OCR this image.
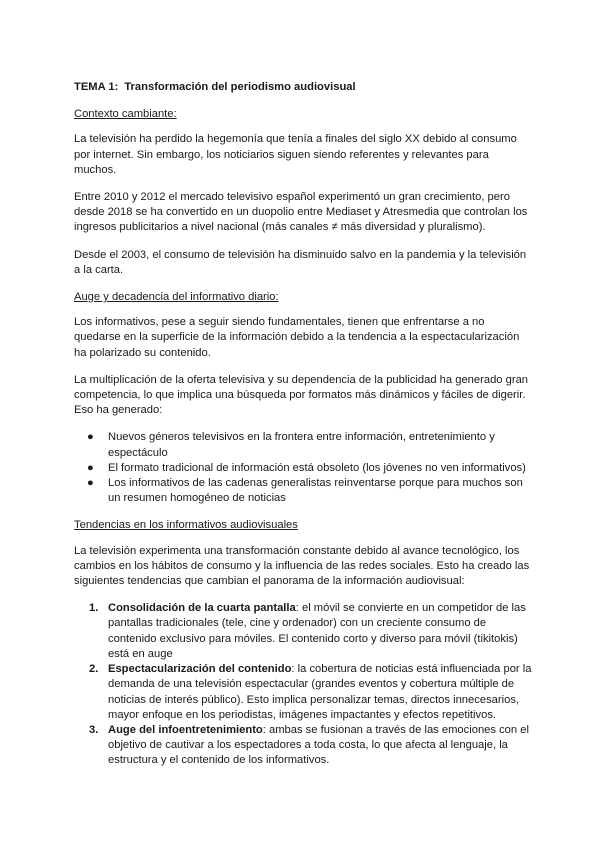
TEMA 1: Transformación del periodismo audiovisual
Contexto cambiante:

La televisión ha perdido la hegemonía que tenía a finales del siglo XX debido al consumo por internet. Sin embargo, los noticiarios siguen siendo referentes y relevantes para muchos.

Entre 2010 y 2012 el mercado televisivo español experimentó un gran crecimiento, pero desde 2018 se ha convertido en un duopolio entre Mediaset y Atresmedia que controlan los ingresos publicitarios a nivel nacional (más canales ≠ más diversidad y pluralismo).

Desde el 2003, el consumo de televisión ha disminuido salvo en la pandemia y la televisión a la carta.

Auge y decadencia del informativo diario:

Los informativos, pese a seguir siendo fundamentales, tienen que enfrentarse a no quedarse en la superficie de la información debido a la tendencia a la espectacularización ha polarizado su contenido.

La multiplicación de la oferta televisiva y su dependencia de la publicidad ha generado gran competencia, lo que implica una búsqueda por formatos más dinámicos y fáciles de digerir. Eso ha generado:

● Nuevos géneros televisivos en la frontera entre información, entretenimiento y espectáculo
● El formato tradicional de información está obsoleto (los jóvenes no ven informativos)
● Los informativos de las cadenas generalistas reinventarse porque para muchos son un resumen homogéneo de noticias
Tendencias en los informativos audiovisuales

La televisión experimenta una transformación constante debido al avance tecnológico, los cambios en los hábitos de consumo y la influencia de las redes sociales. Esto ha creado las siguientes tendencias que cambian el panorama de la información audiovisual:

1. Consolidación de la cuarta pantalla: el móvil se convierte en un competidor de las pantallas tradicionales (tele, cine y ordenador) con un creciente consumo de contenido exclusivo para móviles. El contenido corto y diverso para móvil (tikitokis) está en auge
2. Espectacularización del contenido: la cobertura de noticias está influenciada por la demanda de una televisión espectacular (grandes eventos y cobertura múltiple de noticias de interés público). Esto implica personalizar temas, directos innecesarios, mayor enfoque en los periodistas, imágenes impactantes y efectos repetitivos.
3. Auge del infoentretenimiento: ambas se fusionan a través de las emociones con el objetivo de cautivar a los espectadores a toda costa, lo que afecta al lenguaje, la estructura y el contenido de los informativos.
